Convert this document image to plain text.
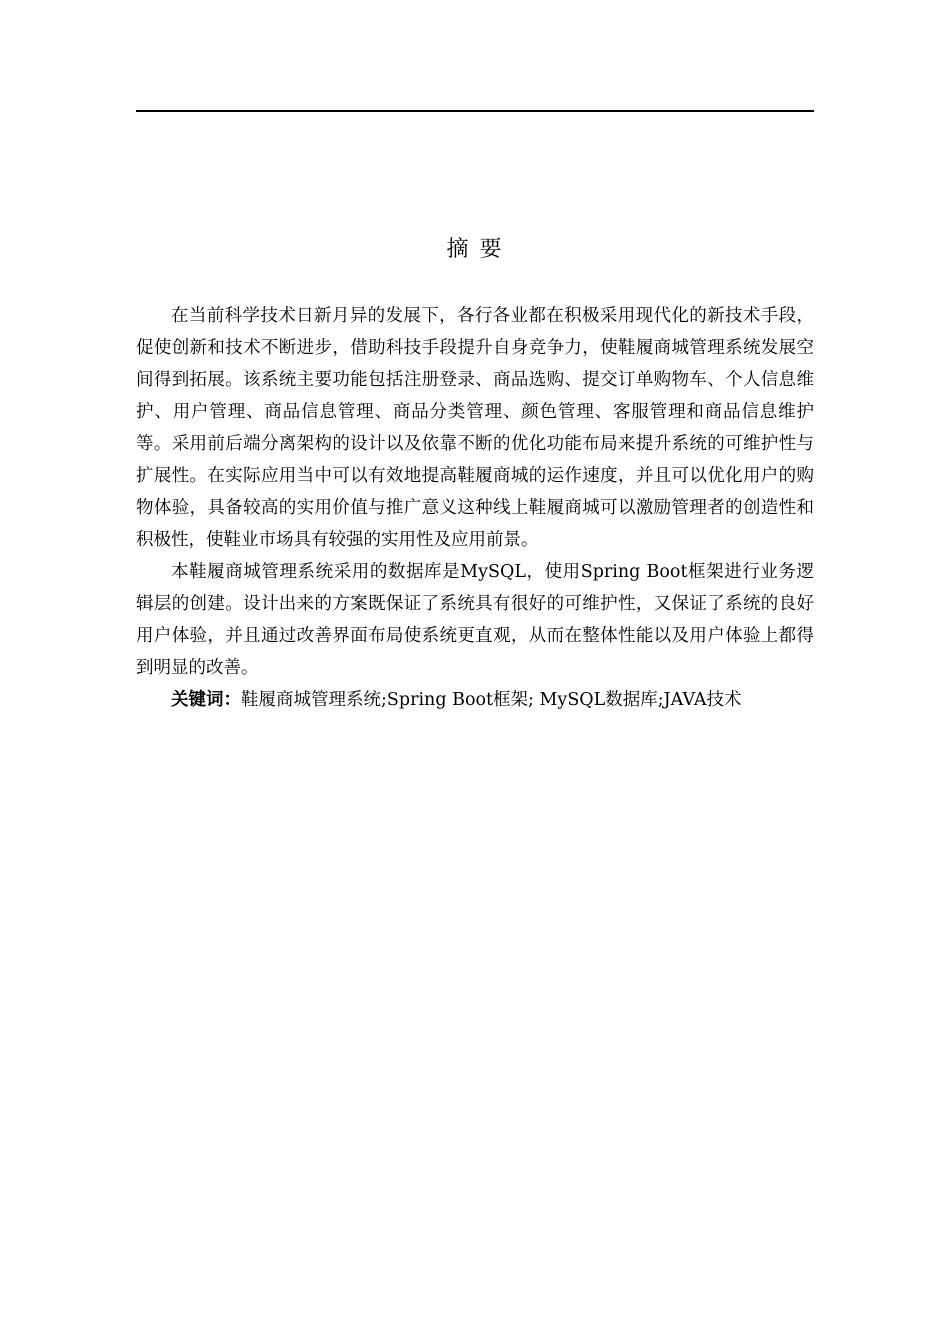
摘 要

在当前科学技术日新月异的发展下，各行各业都在积极采用现代化的新技术手段，促使创新和技术不断进步，借助科技手段提升自身竞争力，使鞋履商城管理系统发展空间得到拓展。该系统主要功能包括注册登录、商品选购、提交订单购物车、个人信息维护、用户管理、商品信息管理、商品分类管理、颜色管理、客服管理和商品信息维护等。采用前后端分离架构的设计以及依靠不断的优化功能布局来提升系统的可维护性与扩展性。在实际应用当中可以有效地提高鞋履商城的运作速度，并且可以优化用户的购物体验，具备较高的实用价值与推广意义这种线上鞋履商城可以激励管理者的创造性和积极性，使鞋业市场具有较强的实用性及应用前景。

本鞋履商城管理系统采用的数据库是MySQL，使用Spring Boot框架进行业务逻辑层的创建。设计出来的方案既保证了系统具有很好的可维护性，又保证了系统的良好用户体验，并且通过改善界面布局使系统更直观，从而在整体性能以及用户体验上都得到明显的改善。

关键词：鞋履商城管理系统;Spring Boot框架; MySQL数据库;JAVA技术
